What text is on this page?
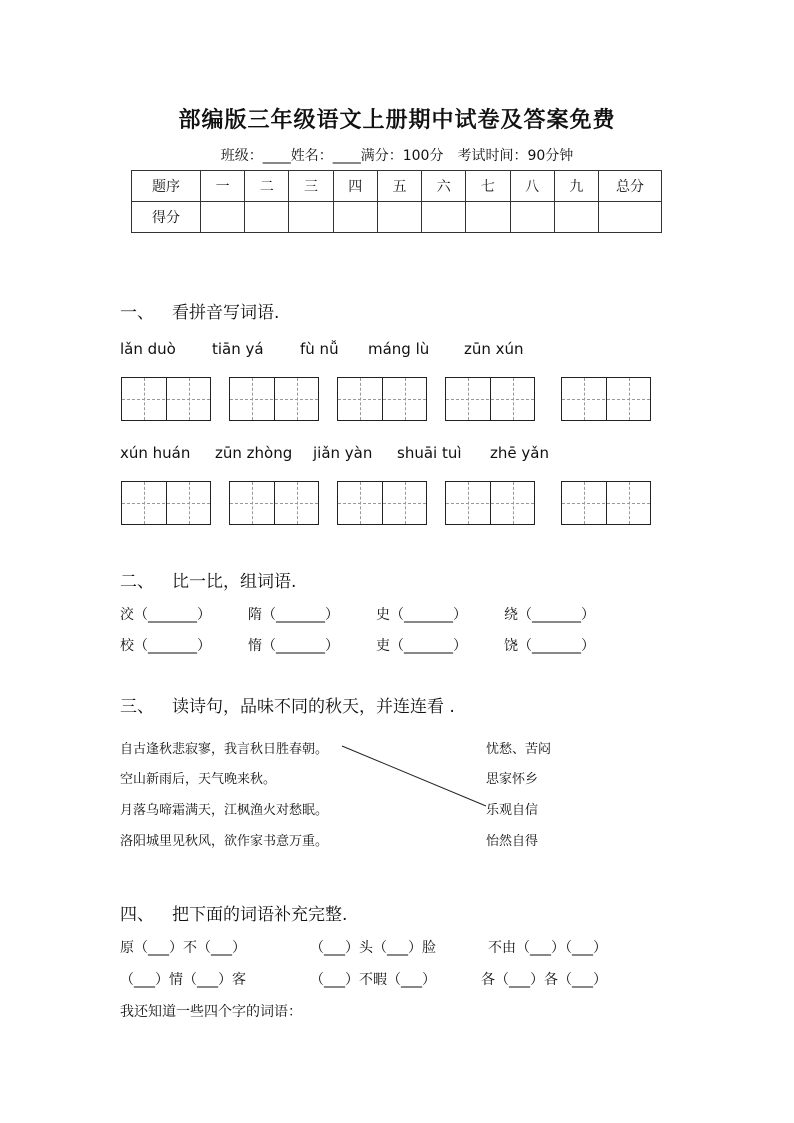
部编版三年级语文上册期中试卷及答案免费
班级：____姓名：____满分：100分 考试时间：90分钟
题序	一	二	三	四	五	六	七	八	九	总分
得分										
一、 看拼音写词语.
lǎn duò tiān yá fù nǚ máng lù zūn xún
xún huán zūn zhòng jiǎn yàn shuāi tuì zhē yǎn
二、 比一比，组词语.
洨（_______）	隋（_______）	史（_______）	绕（_______）
校（_______）	惰（_______）	吏（_______）	饶（_______）
三、 读诗句，品味不同的秋天，并连连看 .
自古逢秋悲寂寥，我言秋日胜春朝。
空山新雨后，天气晚来秋。
月落乌啼霜满天，江枫渔火对愁眠。
洛阳城里见秋风，欲作家书意万重。
忧愁、苦闷
思家怀乡
乐观自信
怡然自得
四、 把下面的词语补充完整.
原（___）不（___）	（___）头（___）脸	不由（___）（___）
（___）情（___）客	（___）不暇（___）	各（___）各（___）
我还知道一些四个字的词语：
